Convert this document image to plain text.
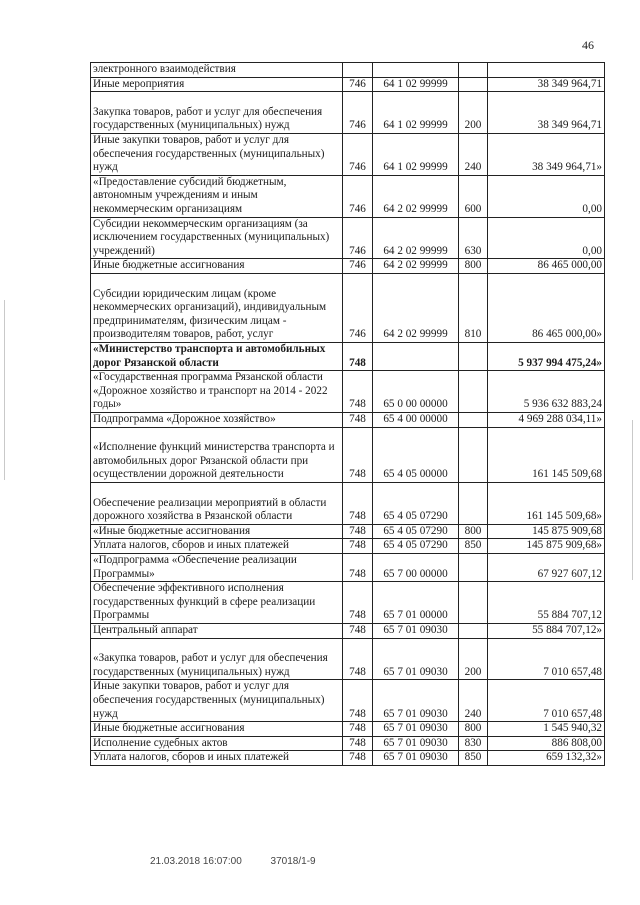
46
электронного взаимодействия				
Иные мероприятия	746	64 1 02 99999		38 349 964,71
Закупка товаров, работ и услуг для обеспечения государственных (муниципальных) нужд	746	64 1 02 99999	200	38 349 964,71
Иные закупки товаров, работ и услуг для обеспечения государственных (муниципальных) нужд	746	64 1 02 99999	240	38 349 964,71»
«Предоставление субсидий бюджетным, автономным учреждениям и иным некоммерческим организациям	746	64 2 02 99999	600	0,00
Субсидии некоммерческим организациям (за исключением государственных (муниципальных) учреждений)	746	64 2 02 99999	630	0,00
Иные бюджетные ассигнования	746	64 2 02 99999	800	86 465 000,00
Субсидии юридическим лицам (кроме некоммерческих организаций), индивидуальным предпринимателям, физическим лицам - производителям товаров, работ, услуг	746	64 2 02 99999	810	86 465 000,00»
«Министерство транспорта и автомобильных дорог Рязанской области	748			5 937 994 475,24»
«Государственная программа Рязанской области «Дорожное хозяйство и транспорт на 2014 - 2022 годы»	748	65 0 00 00000		5 936 632 883,24
Подпрограмма «Дорожное хозяйство»	748	65 4 00 00000		4 969 288 034,11»
«Исполнение функций министерства транспорта и автомобильных дорог Рязанской области при осуществлении дорожной деятельности	748	65 4 05 00000		161 145 509,68
Обеспечение реализации мероприятий в области дорожного хозяйства в Рязанской области	748	65 4 05 07290		161 145 509,68»
«Иные бюджетные ассигнования	748	65 4 05 07290	800	145 875 909,68
Уплата налогов, сборов и иных платежей	748	65 4 05 07290	850	145 875 909,68»
«Подпрограмма «Обеспечение реализации Программы»	748	65 7 00 00000		67 927 607,12
Обеспечение эффективного исполнения государственных функций в сфере реализации Программы	748	65 7 01 00000		55 884 707,12
Центральный аппарат	748	65 7 01 09030		55 884 707,12»
«Закупка товаров, работ и услуг для обеспечения государственных (муниципальных) нужд	748	65 7 01 09030	200	7 010 657,48
Иные закупки товаров, работ и услуг для обеспечения государственных (муниципальных) нужд	748	65 7 01 09030	240	7 010 657,48
Иные бюджетные ассигнования	748	65 7 01 09030	800	1 545 940,32
Исполнение судебных актов	748	65 7 01 09030	830	886 808,00
Уплата налогов, сборов и иных платежей	748	65 7 01 09030	850	659 132,32»
21.03.2018 16:07:00	37018/1-9
